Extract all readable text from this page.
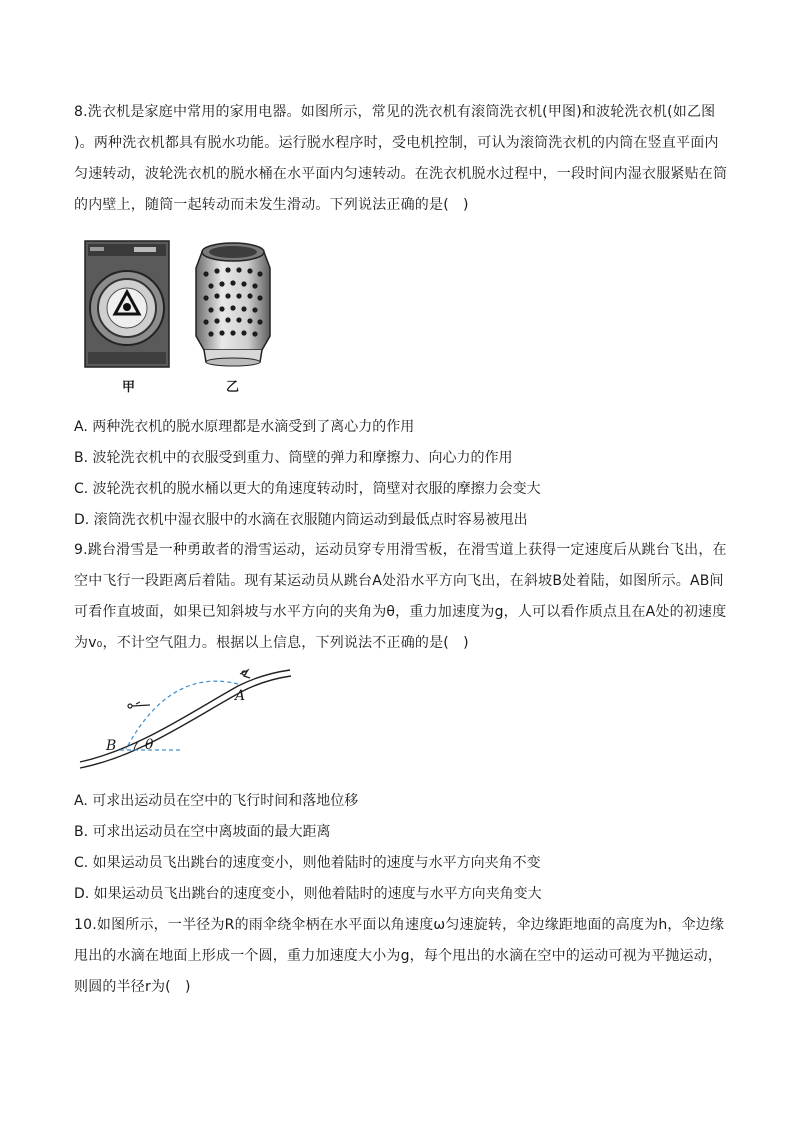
8.洗衣机是家庭中常用的家用电器。如图所示，常见的洗衣机有滚筒洗衣机(甲图)和波轮洗衣机(如乙图
)。两种洗衣机都具有脱水功能。运行脱水程序时，受电机控制，可认为滚筒洗衣机的内筒在竖直平面内
匀速转动，波轮洗衣机的脱水桶在水平面内匀速转动。在洗衣机脱水过程中，一段时间内湿衣服紧贴在筒
的内壁上，随筒一起转动而未发生滑动。下列说法正确的是(　)
甲	乙
A. 两种洗衣机的脱水原理都是水滴受到了离心力的作用
B. 波轮洗衣机中的衣服受到重力、筒壁的弹力和摩擦力、向心力的作用
C. 波轮洗衣机的脱水桶以更大的角速度转动时，筒壁对衣服的摩擦力会变大
D. 滚筒洗衣机中湿衣服中的水滴在衣服随内筒运动到最低点时容易被甩出
9.跳台滑雪是一种勇敢者的滑雪运动，运动员穿专用滑雪板，在滑雪道上获得一定速度后从跳台飞出，在
空中飞行一段距离后着陆。现有某运动员从跳台A处沿水平方向飞出，在斜坡B处着陆，如图所示。AB间
可看作直坡面，如果已知斜坡与水平方向的夹角为θ，重力加速度为g，人可以看作质点且在A处的初速度
为v₀，不计空气阻力。根据以上信息，下列说法不正确的是(　)
A
B θ
A. 可求出运动员在空中的飞行时间和落地位移
B. 可求出运动员在空中离坡面的最大距离
C. 如果运动员飞出跳台的速度变小，则他着陆时的速度与水平方向夹角不变
D. 如果运动员飞出跳台的速度变小，则他着陆时的速度与水平方向夹角变大
10.如图所示，一半径为R的雨伞绕伞柄在水平面以角速度ω匀速旋转，伞边缘距地面的高度为h，伞边缘
甩出的水滴在地面上形成一个圆，重力加速度大小为g，每个甩出的水滴在空中的运动可视为平抛运动，
则圆的半径r为(　)
